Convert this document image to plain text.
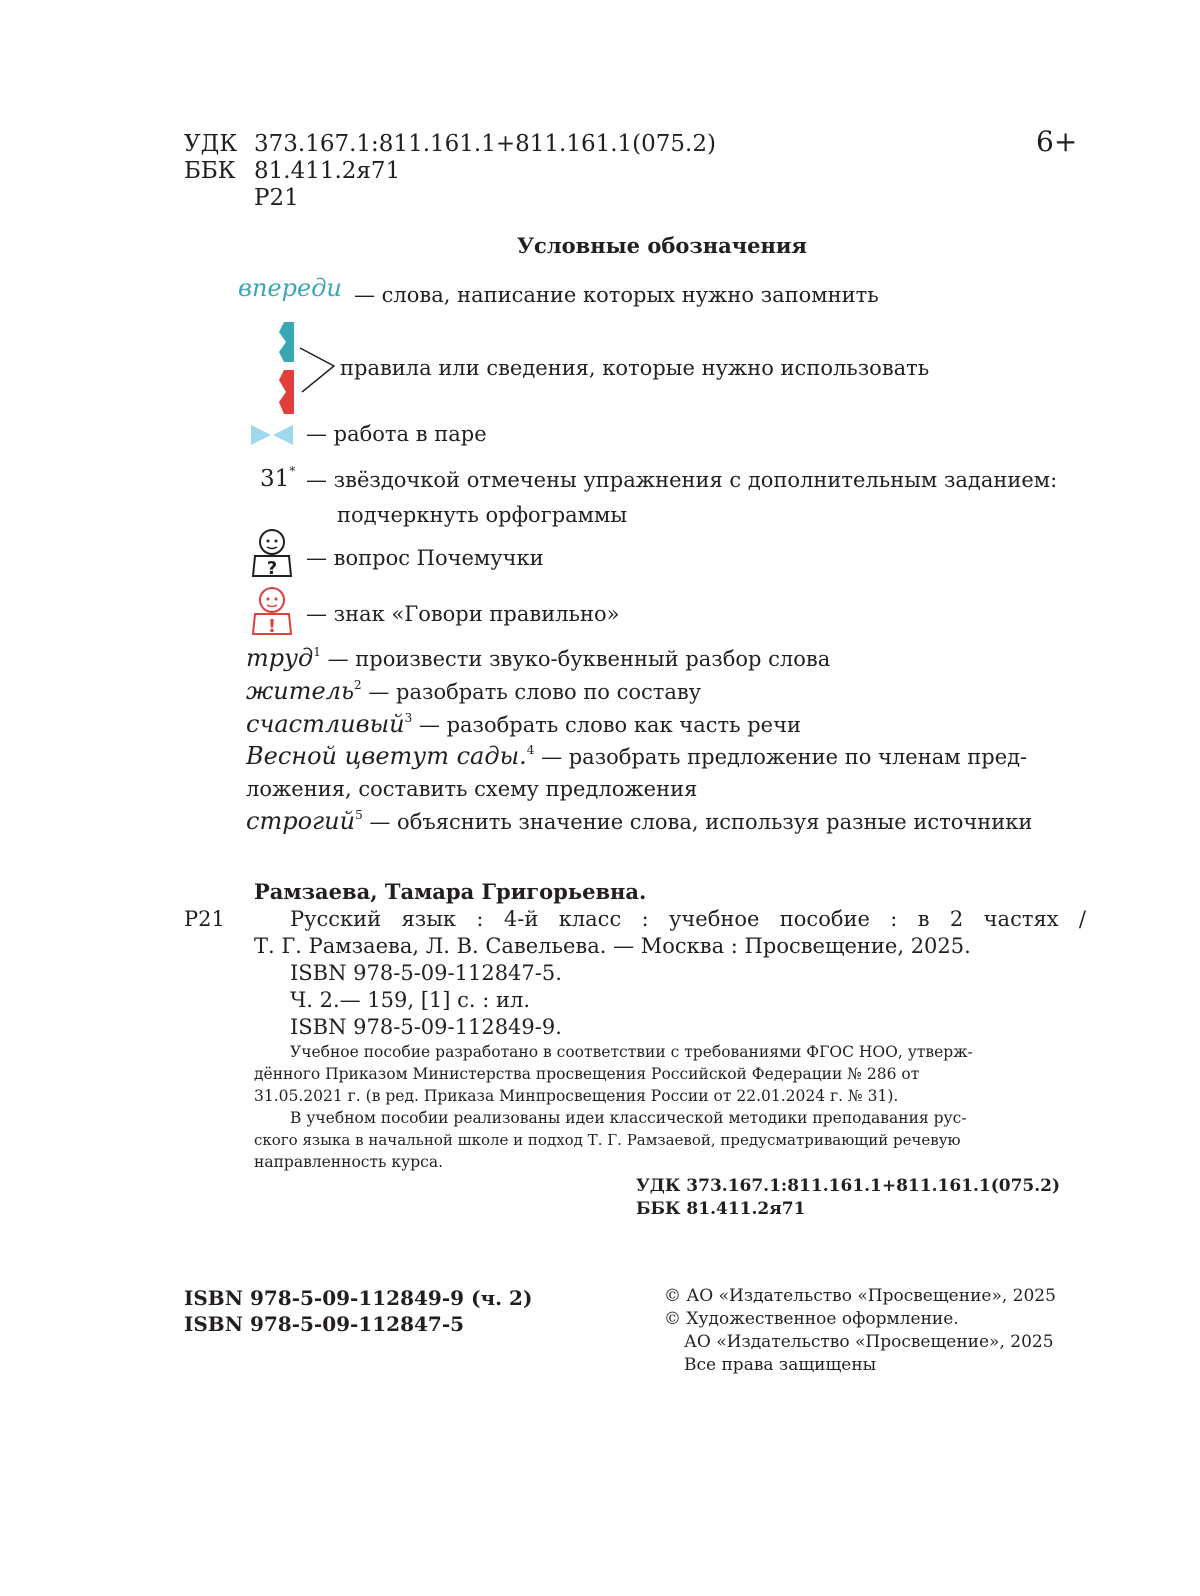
УДК 373.167.1:811.161.1+811.161.1(075.2)
ББК 81.411.2я71
Р21
6+
Условные обозначения
впереди — слова, написание которых нужно запомнить
правила или сведения, которые нужно использовать
— работа в паре
31* — звёздочкой отмечены упражнения с дополнительным заданием:
подчеркнуть орфограммы
? — вопрос Почемучки
!
— знак «Говори правильно»
труд$^1$ — произвести звуко-буквенный разбор слова
житель$^2$ — разобрать слово по составу
счастливый$^3$ — разобрать слово как часть речи
Весной цветут сады.$^4$ — разобрать предложение по членам пред-
ложения, составить схему предложения
строгий$^5$ — объяснить значение слова, используя разные источники
Рамзаева, Тамара Григорьевна.
Р21	Русский язык : 4-й класс : учебное пособие : в 2 частях /
Т. Г. Рамзаева, Л. В. Савельева. — Москва : Просвещение, 2025.
ISBN 978-5-09-112847-5.
Ч. 2.— 159, [1] с. : ил.
ISBN 978-5-09-112849-9.
Учебное пособие разработано в соответствии с требованиями ФГОС НОО, утверж-
дённого Приказом Министерства просвещения Российской Федерации № 286 от
31.05.2021 г. (в ред. Приказа Минпросвещения России от 22.01.2024 г. № 31).
В учебном пособии реализованы идеи классической методики преподавания рус-
ского языка в начальной школе и подход Т. Г. Рамзаевой, предусматривающий речевую
направленность курса.
УДК 373.167.1:811.161.1+811.161.1(075.2)
ББК 81.411.2я71
ISBN 978-5-09-112849-9 (ч. 2)
ISBN 978-5-09-112847-5
© АО «Издательство «Просвещение», 2025
© Художественное оформление.
АО «Издательство «Просвещение», 2025
Все права защищены
